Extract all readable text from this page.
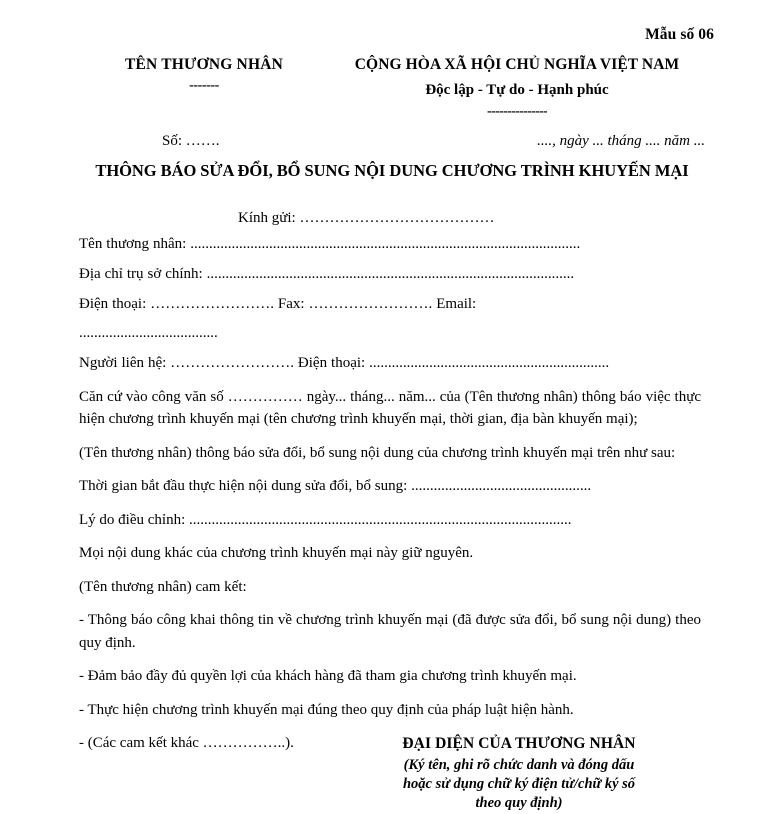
Mẫu số 06
TÊN THƯƠNG NHÂN
-------
CỘNG HÒA XÃ HỘI CHỦ NGHĨA VIỆT NAM
Độc lập - Tự do - Hạnh phúc
---------------
Số: …….	...., ngày ... tháng .... năm ...
THÔNG BÁO SỬA ĐỔI, BỔ SUNG NỘI DUNG CHƯƠNG TRÌNH KHUYẾN MẠI
Kính gửi: …………………………………

Tên thương nhân: ........................................................................................................

Địa chỉ trụ sở chính: ..................................................................................................

Điện thoại: ……………………. Fax: ……………………. Email:

.....................................

Người liên hệ: ……………………. Điện thoại: ................................................................

Căn cứ vào công văn số …………… ngày... tháng... năm... của (Tên thương nhân) thông báo việc thực hiện chương trình khuyến mại (tên chương trình khuyến mại, thời gian, địa bàn khuyến mại);

(Tên thương nhân) thông báo sửa đổi, bổ sung nội dung của chương trình khuyến mại trên như sau:

Thời gian bắt đầu thực hiện nội dung sửa đổi, bổ sung: ................................................

Lý do điều chỉnh: ......................................................................................................

Mọi nội dung khác của chương trình khuyến mại này giữ nguyên.

(Tên thương nhân) cam kết:

- Thông báo công khai thông tin về chương trình khuyến mại (đã được sửa đổi, bổ sung nội dung) theo quy định.

- Đảm bảo đầy đủ quyền lợi của khách hàng đã tham gia chương trình khuyến mại.

- Thực hiện chương trình khuyến mại đúng theo quy định của pháp luật hiện hành.

- (Các cam kết khác ……………..).	ĐẠI DIỆN CỦA THƯƠNG NHÂN
(Ký tên, ghi rõ chức danh và đóng dấu
hoặc sử dụng chữ ký điện tử/chữ ký số
theo quy định)
